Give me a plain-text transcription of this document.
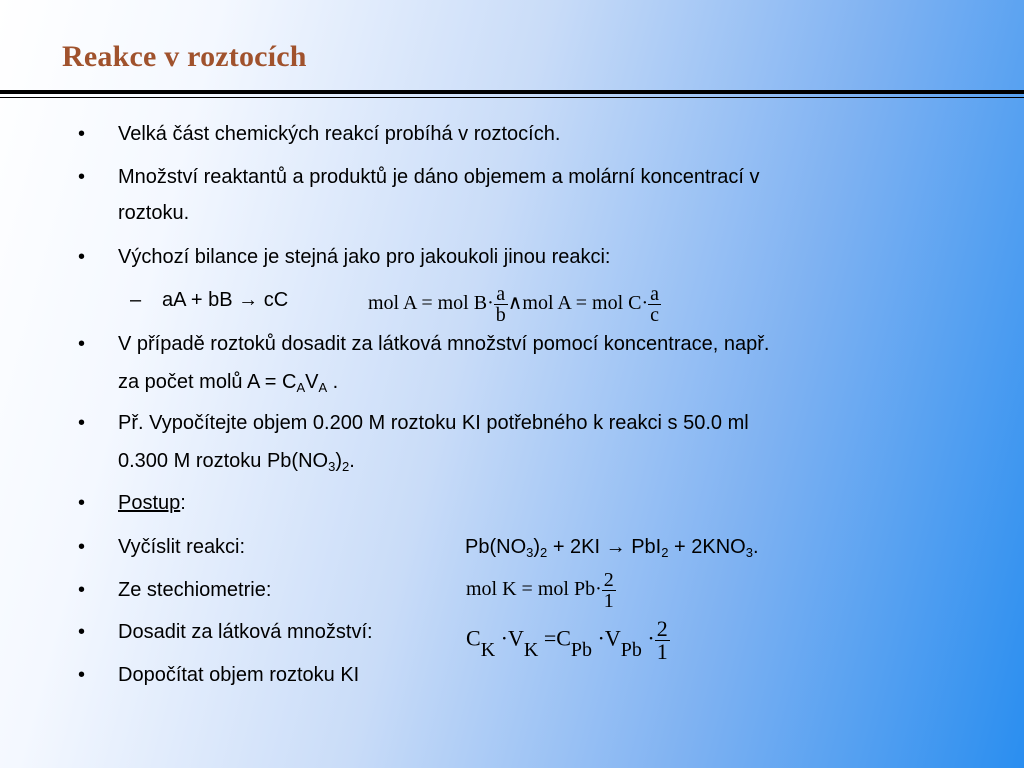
Reakce v roztocích
• Velká část chemických reakcí probíhá v roztocích.
• Množství reaktantů a produktů je dáno objemem a molární koncentrací v
roztoku.
• Výchozí bilance je stejná jako pro jakoukoli jinou reakci:
– aA + bB → cC	mol A = mol $B\cdot \frac{a}{b}$ ∧mol A = mol $C\cdot \frac{a}{c}$
• V případě roztoků dosadit za látková množství pomocí koncentrace, např.
za počet molů $A = C_AV_A$ .
• Př. Vypočítejte objem 0.200 M roztoku KI potřebného k reakci s 50.0 ml
0.300 M roztoku $Pb(NO_3)_2$.
• Postup:
• Vyčíslit reakci:	$Pb(NO_3)_2 + 2KI \to PbI_2 + 2KNO_3$.
• Ze stechiometrie:	mol K = mol $Pb\cdot \frac{2}{1}$
• Dosadit za látková množství:	CK $\cdot VK =CPb \cdot VPb \cdot \frac{2}{1}$
• Dopočítat objem roztoku KI
